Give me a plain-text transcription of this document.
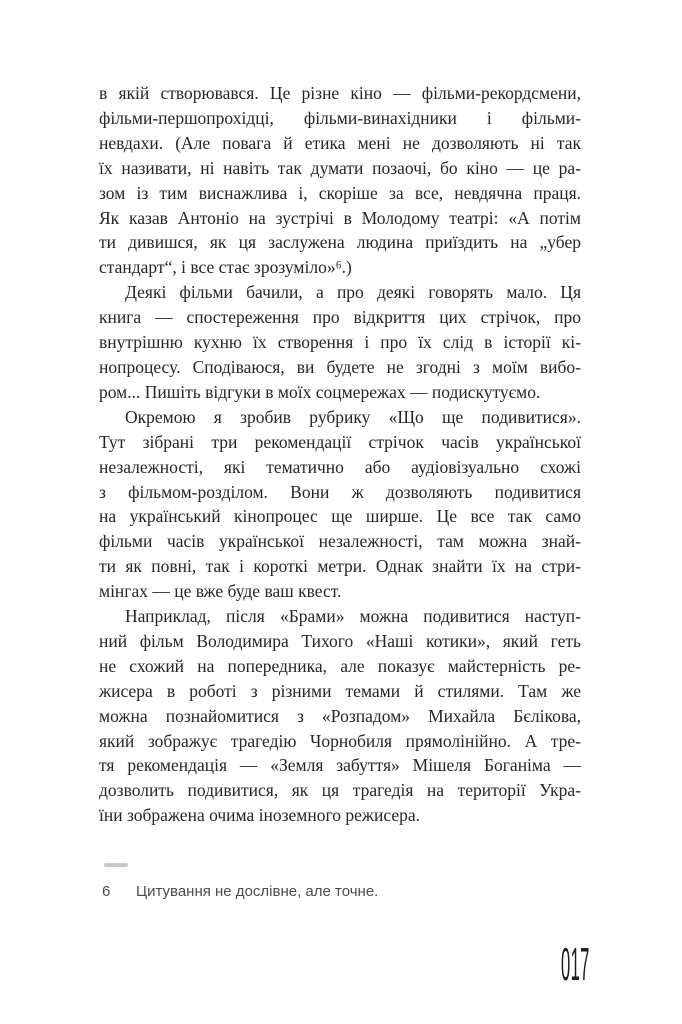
в якій створювався. Це різне кіно — фільми-рекордсмени,
фільми-першопрохідці, фільми-винахідники і фільми-
невдахи. (Але повага й етика мені не дозволяють ні так
їх називати, ні навіть так думати позаочі, бо кіно — це ра-
зом із тим виснажлива і, скоріше за все, невдячна праця.
Як казав Антоніо на зустрічі в Молодому театрі: «А потім
ти дивишся, як ця заслужена людина приїздить на „убер
стандарт“, і все стає зрозуміло»⁶.)
Деякі фільми бачили, а про деякі говорять мало. Ця
книга — спостереження про відкриття цих стрічок, про
внутрішню кухню їх створення і про їх слід в історії кі-
нопроцесу. Сподіваюся, ви будете не згодні з моїм вибо-
ром... Пишіть відгуки в моїх соцмережах — подискутуємо.
Окремою я зробив рубрику «Що ще подивитися».
Тут зібрані три рекомендації стрічок часів української
незалежності, які тематично або аудіовізуально схожі
з фільмом-розділом. Вони ж дозволяють подивитися
на український кінопроцес ще ширше. Це все так само
фільми часів української незалежності, там можна знай-
ти як повні, так і короткі метри. Однак знайти їх на стри-
мінгах — це вже буде ваш квест.
Наприклад, після «Брами» можна подивитися наступ-
ний фільм Володимира Тихого «Наші котики», який геть
не схожий на попередника, але показує майстерність ре-
жисера в роботі з різними темами й стилями. Там же
можна познайомитися з «Розпадом» Михайла Бєлікова,
який зображує трагедію Чорнобиля прямолінійно. А тре-
тя рекомендація — «Земля забуття» Мішеля Боганіма —
дозволить подивитися, як ця трагедія на території Укра-
їни зображена очима іноземного режисера.
6 Цитування не дослівне, але точне.
017
